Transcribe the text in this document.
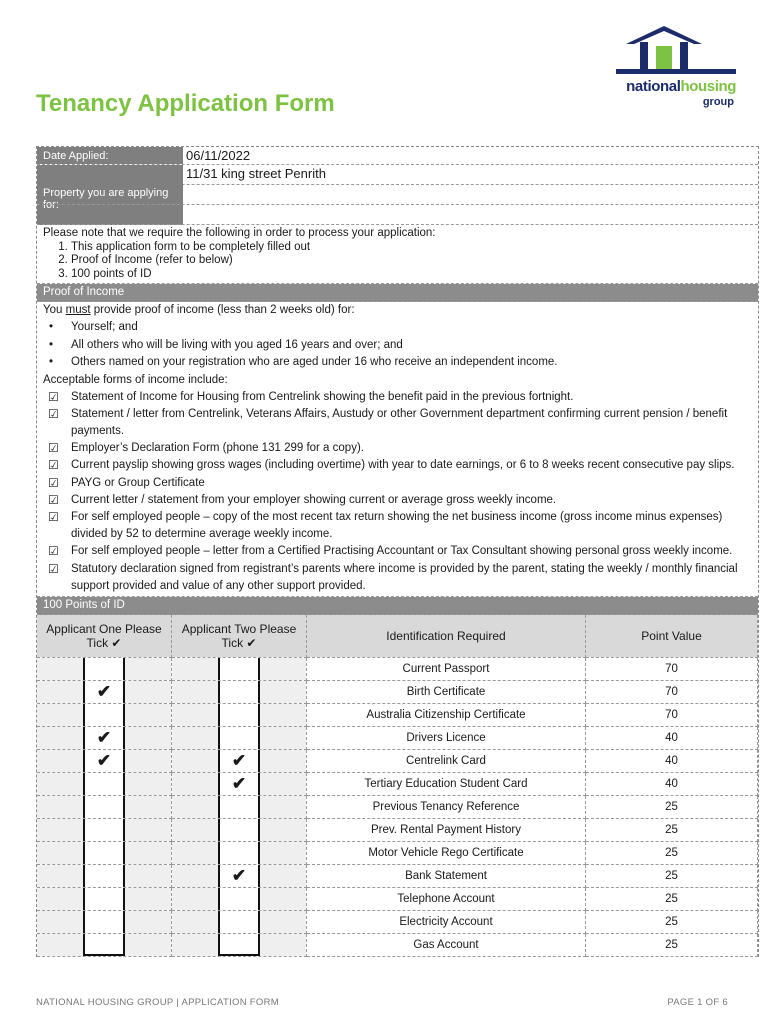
Tenancy Application Form
nationalhousing
group
Date Applied:	06/11/2022
Property you are applying for:
11/31 king street Penrith
Please note that we require the following in order to process your application:
1. This application form to be completely filled out
2. Proof of Income (refer to below)
3. 100 points of ID
Proof of Income
You must provide proof of income (less than 2 weeks old) for:
• Yourself; and
• All others who will be living with you aged 16 years and over; and
• Others named on your registration who are aged under 16 who receive an independent income.
Acceptable forms of income include:
☑ Statement of Income for Housing from Centrelink showing the benefit paid in the previous fortnight.
☑ Statement / letter from Centrelink, Veterans Affairs, Austudy or other Government department confirming current pension / benefit payments.
☑ Employer’s Declaration Form (phone 131 299 for a copy).
☑ Current payslip showing gross wages (including overtime) with year to date earnings, or 6 to 8 weeks recent consecutive pay slips.
☑ PAYG or Group Certificate
☑ Current letter / statement from your employer showing current or average gross weekly income.
☑ For self employed people – copy of the most recent tax return showing the net business income (gross income minus expenses) divided by 52 to determine average weekly income.
☑ For self employed people – letter from a Certified Practising Accountant or Tax Consultant showing personal gross weekly income.
☑ Statutory declaration signed from registrant’s parents where income is provided by the parent, stating the weekly / monthly financial support provided and value of any other support provided.
100 Points of ID
Applicant One Please Tick ✔	Applicant Two Please Tick ✔	Identification Required	Point Value
		Current Passport	70
✔		Birth Certificate	70
		Australia Citizenship Certificate	70
✔		Drivers Licence	40
✔	✔	Centrelink Card	40
	✔	Tertiary Education Student Card	40
		Previous Tenancy Reference	25
		Prev. Rental Payment History	25
		Motor Vehicle Rego Certificate	25
	✔	Bank Statement	25
		Telephone Account	25
		Electricity Account	25
		Gas Account	25
NATIONAL HOUSING GROUP | APPLICATION FORM	PAGE 1 OF 6
